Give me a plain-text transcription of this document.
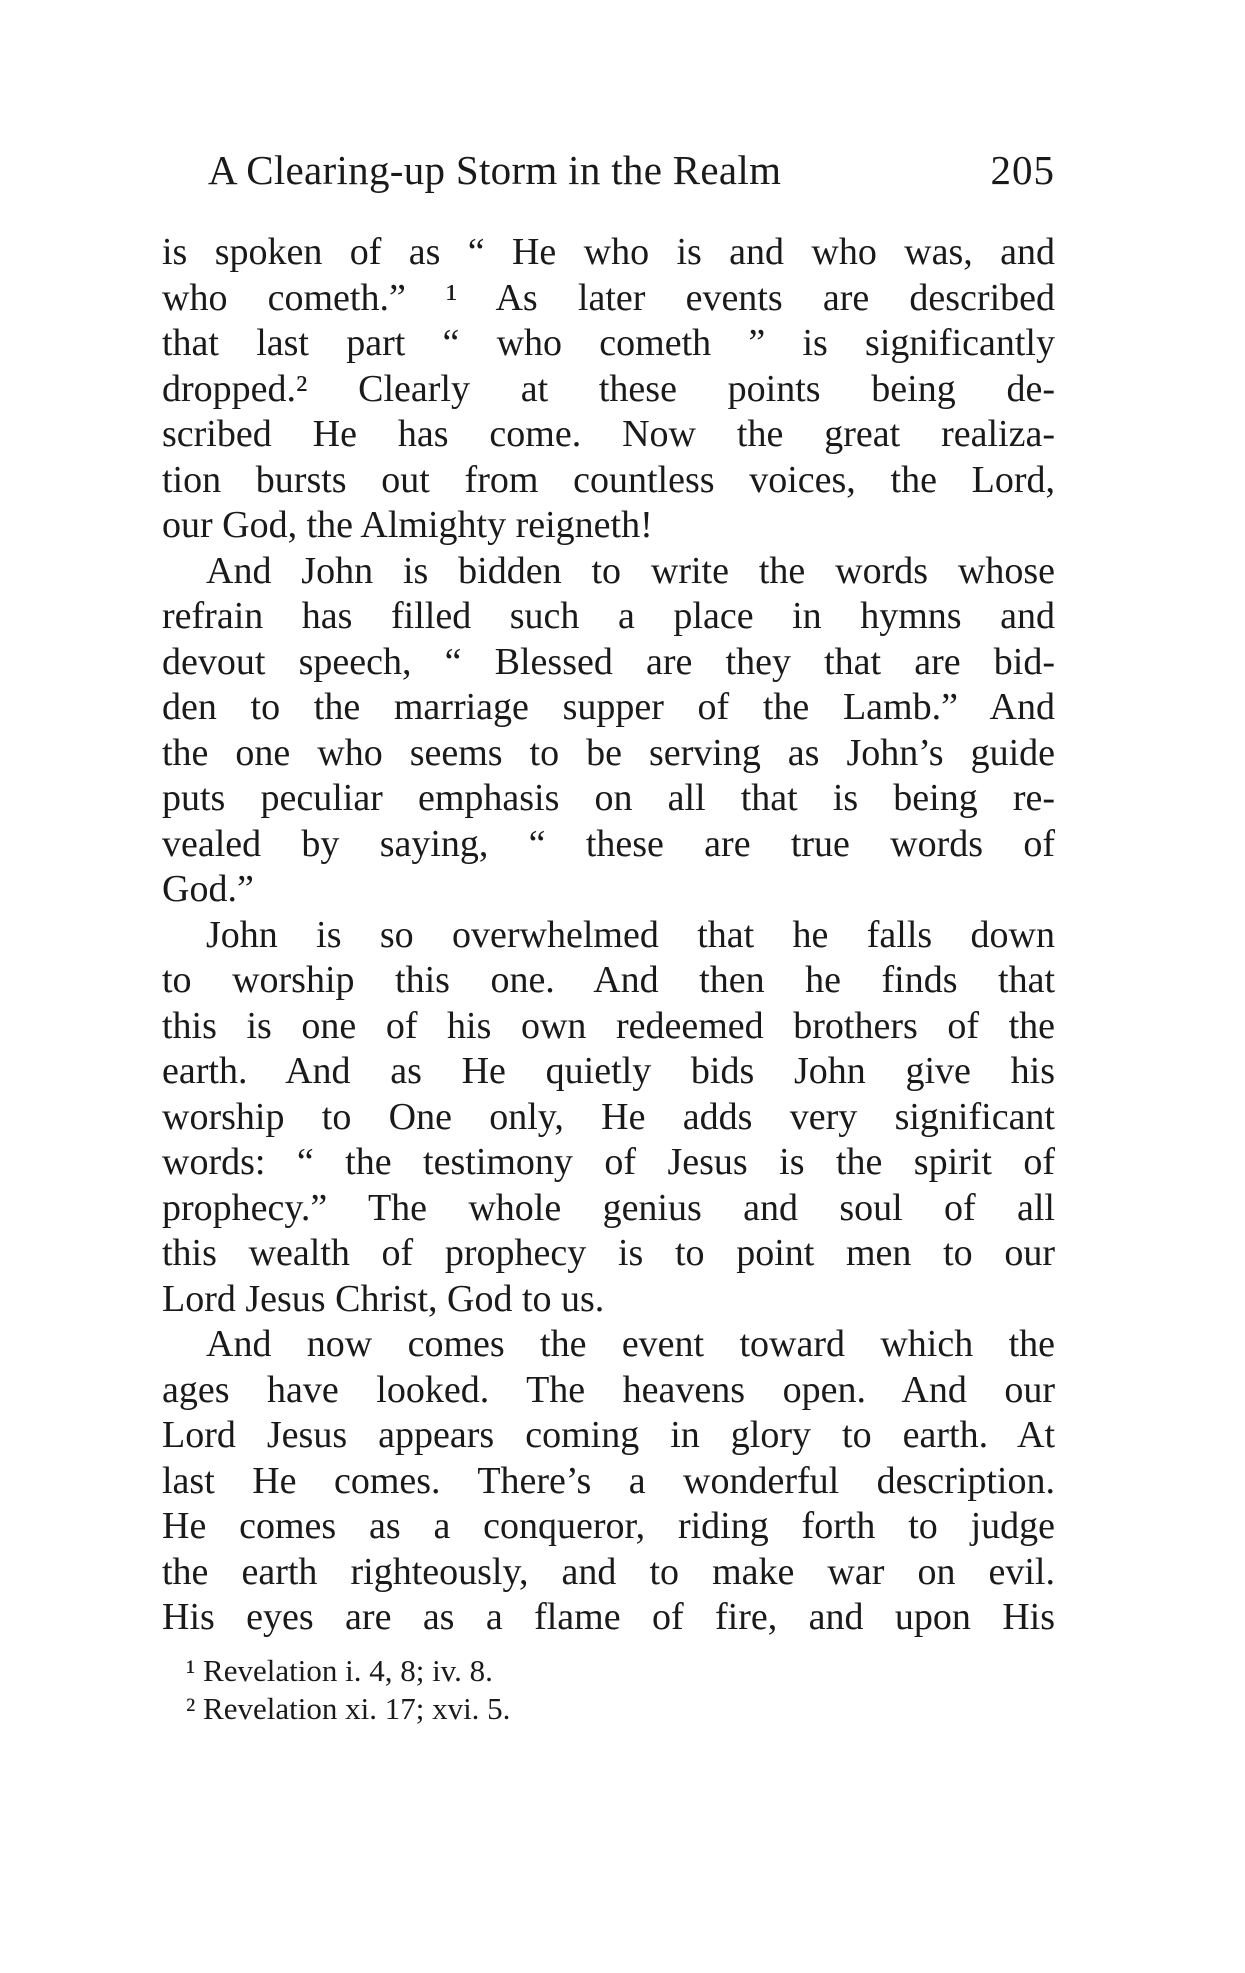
A Clearing-up Storm in the Realm	205
is spoken of as “ He who is and who was, and
who cometh.” ¹ As later events are described
that last part “ who cometh ” is significantly
dropped.² Clearly at these points being de-
scribed He has come. Now the great realiza-
tion bursts out from countless voices, the Lord,
our God, the Almighty reigneth!
And John is bidden to write the words whose
refrain has filled such a place in hymns and
devout speech, “ Blessed are they that are bid-
den to the marriage supper of the Lamb.” And
the one who seems to be serving as John’s guide
puts peculiar emphasis on all that is being re-
vealed by saying, “ these are true words of
God.”
John is so overwhelmed that he falls down
to worship this one. And then he finds that
this is one of his own redeemed brothers of the
earth. And as He quietly bids John give his
worship to One only, He adds very significant
words: “ the testimony of Jesus is the spirit of
prophecy.” The whole genius and soul of all
this wealth of prophecy is to point men to our
Lord Jesus Christ, God to us.
And now comes the event toward which the
ages have looked. The heavens open. And our
Lord Jesus appears coming in glory to earth. At
last He comes. There’s a wonderful description.
He comes as a conqueror, riding forth to judge
the earth righteously, and to make war on evil.
His eyes are as a flame of fire, and upon His
¹ Revelation i. 4, 8; iv. 8.
² Revelation xi. 17; xvi. 5.
